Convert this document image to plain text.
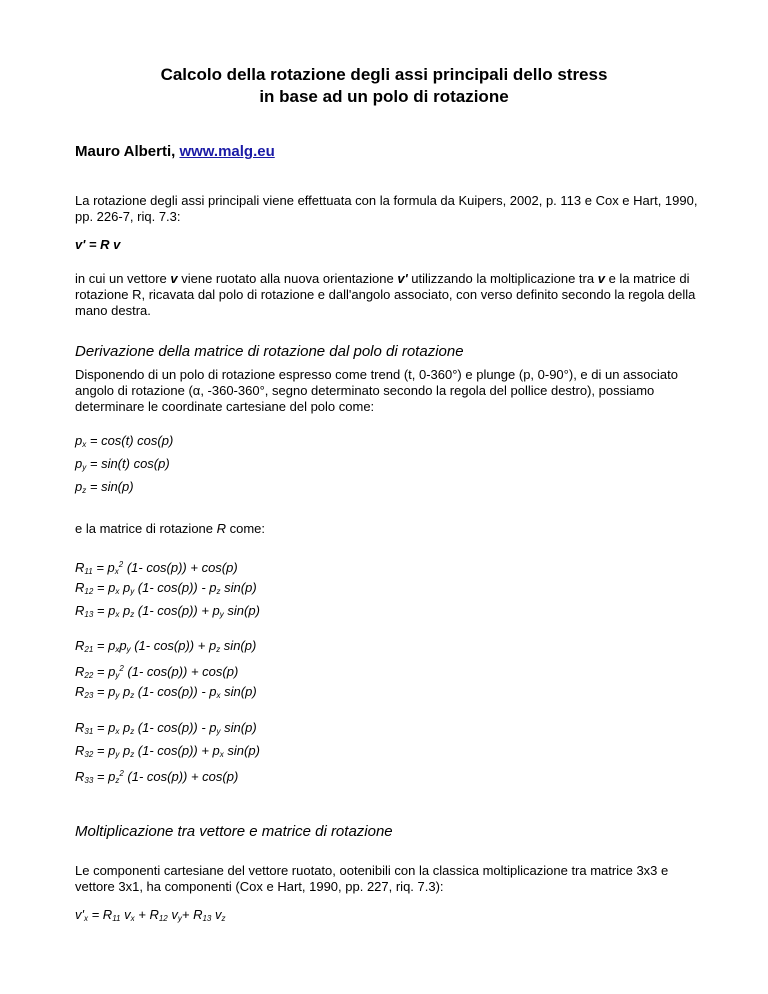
Calcolo della rotazione degli assi principali dello stress
in base ad un polo di rotazione
Mauro Alberti, www.malg.eu
La rotazione degli assi principali viene effettuata con la formula da Kuipers, 2002, p. 113 e Cox e Hart, 1990, pp. 226-7, riq. 7.3:
v' = R v
in cui un vettore v viene ruotato alla nuova orientazione v' utilizzando la moltiplicazione tra v e la matrice di rotazione R, ricavata dal polo di rotazione e dall'angolo associato, con verso definito secondo la regola della mano destra.
Derivazione della matrice di rotazione dal polo di rotazione
Disponendo di un polo di rotazione espresso come trend (t, 0-360°) e plunge (p, 0-90°), e di un associato angolo di rotazione (α, -360-360°, segno determinato secondo la regola del pollice destro), possiamo determinare le coordinate cartesiane del polo come:
$p_x = \cos(t)$ cos(p)
$p_y = \sin(t)$ cos(p)
$p_z = \sin(p)$
e la matrice di rotazione R come:
$R_{11} = p_x^2$ (1- cos(p)) + cos(p)
$R_{12} = p_x$ $p_y$ (1- $\cos(p)) - p_z$ sin(p)
$R_{13} = p_x$ $p_z$ (1- $\cos(p)) + p_y$ sin(p)
$R_{21} = p_xp_y$ (1- $\cos(p)) + p_z$ sin(p)
$R_{22} = p_y^2$ (1- cos(p)) + cos(p)
$R_{23} = p_y$ $p_z$ (1- $\cos(p)) - p_x$ sin(p)
$R_{31} = p_x$ $p_z$ (1- $\cos(p)) - p_y$ sin(p)
$R_{32} = p_y$ $p_z$ (1- $\cos(p)) + p_x$ sin(p)
$R_{33} = p_z^2$ (1- cos(p)) + cos(p)
Moltiplicazione tra vettore e matrice di rotazione
Le componenti cartesiane del vettore ruotato, ootenibili con la classica moltiplicazione tra matrice 3x3 e vettore 3x1, ha componenti (Cox e Hart, 1990, pp. 227, riq. 7.3):
$v'_x = R_{11}$ $v_x + R_{12}$ $v_y+ R_{13}$ $v_z$
